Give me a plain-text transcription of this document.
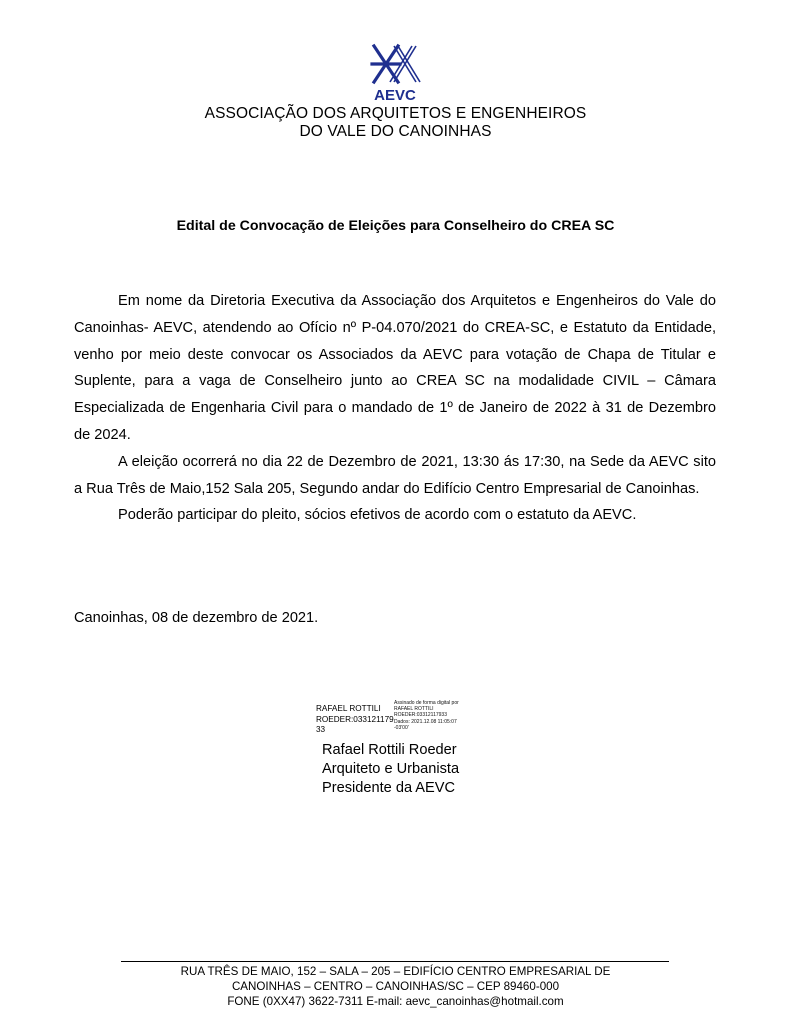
AEVC
ASSOCIAÇÃO DOS ARQUITETOS E ENGENHEIROS
DO VALE DO CANOINHAS
Edital de Convocação de Eleições para Conselheiro do CREA SC

Em nome da Diretoria Executiva da Associação dos Arquitetos e Engenheiros do Vale do Canoinhas- AEVC, atendendo ao Ofício nº P-04.070/2021 do CREA-SC, e Estatuto da Entidade, venho por meio deste convocar os Associados da AEVC para votação de Chapa de Titular e Suplente, para a vaga de Conselheiro junto ao CREA SC na modalidade CIVIL – Câmara Especializada de Engenharia Civil para o mandado de 1º de Janeiro de 2022 à 31 de Dezembro de 2024.

A eleição ocorrerá no dia 22 de Dezembro de 2021, 13:30 ás 17:30, na Sede da AEVC sito a Rua Três de Maio,152 Sala 205, Segundo andar do Edifício Centro Empresarial de Canoinhas.

Poderão participar do pleito, sócios efetivos de acordo com o estatuto da AEVC.

Canoinhas, 08 de dezembro de 2021.
RAFAEL ROTTILI
ROEDER:033121179
33
Assinado de forma digital por
RAFAEL ROTTILI
ROEDER:03312117933
Dados: 2021.12.08 11:05:07
-03'00'
Rafael Rottili Roeder
Arquiteto e Urbanista
Presidente da AEVC
RUA TRÊS DE MAIO, 152 – SALA – 205 – EDIFÍCIO CENTRO EMPRESARIAL DE
CANOINHAS – CENTRO – CANOINHAS/SC – CEP 89460-000
FONE (0XX47) 3622-7311 E-mail: aevc_canoinhas@hotmail.com
